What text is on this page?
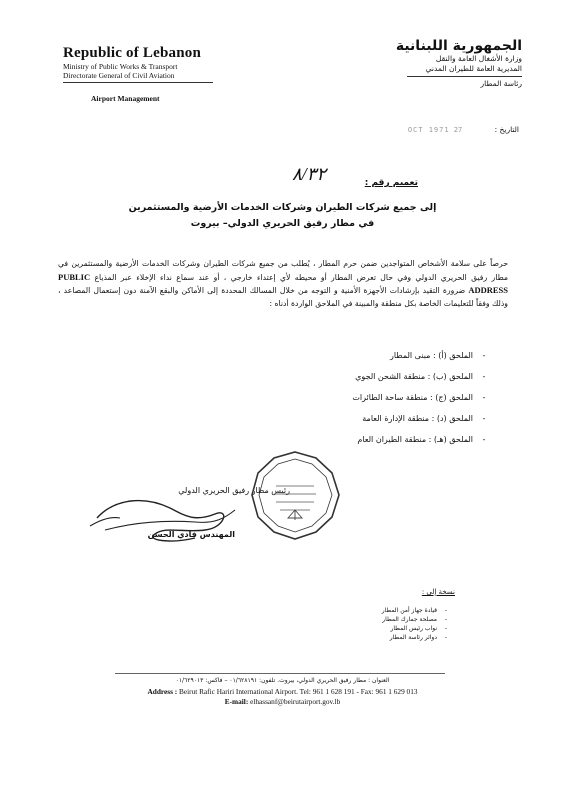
Republic of Lebanon
Ministry of Public Works & Transport
Directorate General of Civil Aviation
Airport Management
الجمهورية اللبنانية
وزارة الأشغال العامة والنقل
المديرية العامة للطيران المدني
رئاسة المطار
التاريخ : 27 OCT 1971
تعميم رقم :
٨/٣٢
إلى جميع شركات الطيران وشركات الخدمات الأرضية والمستثمرين
في مطار رفيق الحريري الدولي– بيروت
حرصاً على سلامة الأشخاص المتواجدين ضمن حرم المطار ، يُطلب من جميع شركات الطيران وشركات الخدمات الأرضية والمستثمرين في مطار رفيق الحريري الدولي وفي حال تعرض المطار أو محيطه لأي إعتداء خارجي ، أو عند سماع نداء الإخلاء عبر المذياع PUBLIC ADDRESS ضرورة التقيد بإرشادات الأجهزة الأمنية و التوجه من خلال المسالك المحددة إلى الأماكن والبقع الآمنة دون إستعمال المصاعد ، وذلك وفقاً للتعليمات الخاصة بكل منطقة والمبينة في الملاحق الواردة أدناه :
-
الملحق (أ) : مبنى المطار
-
الملحق (ب) : منطقة الشحن الجوي
-
الملحق (ج) : منطقة ساحة الطائرات
-
الملحق (د) : منطقة الإدارة العامة
-
الملحق (هـ) : منطقة الطيران العام
رئيس مطار رفيق الحريري الدولي
المهندس فادي الحسن
نسخة إلى :
-
قيادة جهاز أمن المطار
-
مصلحة جمارك المطار
-
نواب رئيس المطار
-
دوائر رئاسة المطار
العنوان : مطار رفيق الحريري الدولي، بيروت. تلفون: ٠١/٦٢٨١٩١ – فاكس: ٠١/٦٢٩٠١٣
Address : Beirut Rafic Hariri International Airport. Tel: 961 1 628 191 - Fax: 961 1 629 013
E-mail: elhassanf@beirutairport.gov.lb
